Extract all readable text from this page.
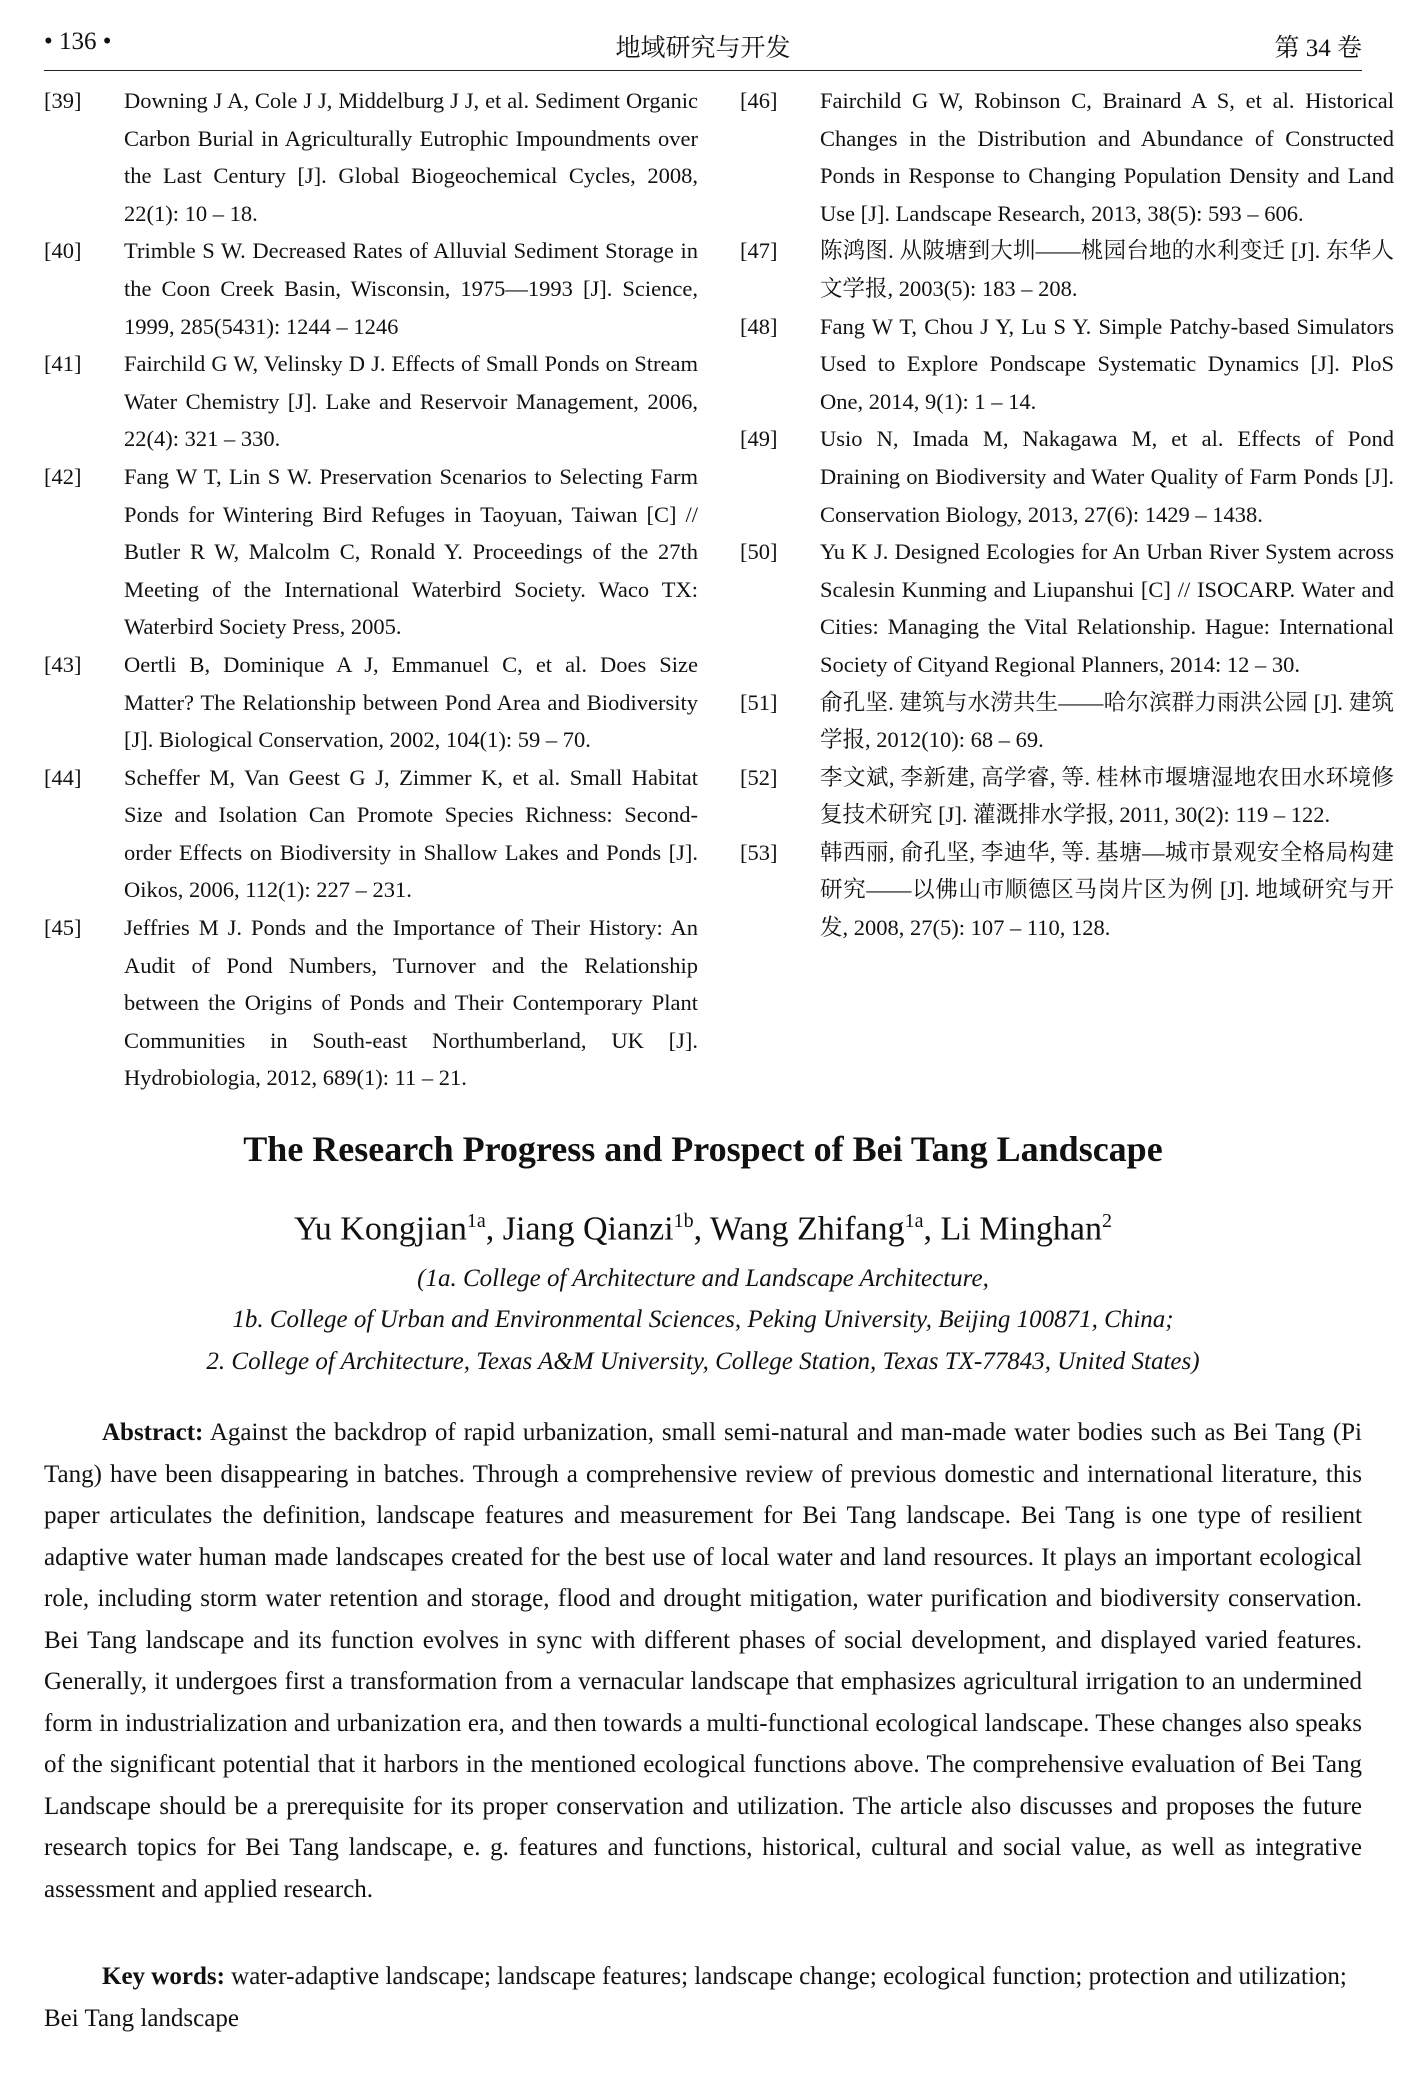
• 136 •	地域研究与开发	第 34 卷
[39] Downing J A, Cole J J, Middelburg J J, et al. Sediment Organic Carbon Burial in Agriculturally Eutrophic Impoundments over the Last Century [J]. Global Biogeochemical Cycles, 2008, 22(1): 10 – 18.
[40] Trimble S W. Decreased Rates of Alluvial Sediment Storage in the Coon Creek Basin, Wisconsin, 1975—1993 [J]. Science, 1999, 285(5431): 1244 – 1246
[41] Fairchild G W, Velinsky D J. Effects of Small Ponds on Stream Water Chemistry [J]. Lake and Reservoir Management, 2006, 22(4): 321 – 330.
[42] Fang W T, Lin S W. Preservation Scenarios to Selecting Farm Ponds for Wintering Bird Refuges in Taoyuan, Taiwan [C] // Butler R W, Malcolm C, Ronald Y. Proceedings of the 27th Meeting of the International Waterbird Society. Waco TX: Waterbird Society Press, 2005.
[43] Oertli B, Dominique A J, Emmanuel C, et al. Does Size Matter? The Relationship between Pond Area and Biodiversity [J]. Biological Conservation, 2002, 104(1): 59 – 70.
[44] Scheffer M, Van Geest G J, Zimmer K, et al. Small Habitat Size and Isolation Can Promote Species Richness: Second-order Effects on Biodiversity in Shallow Lakes and Ponds [J]. Oikos, 2006, 112(1): 227 – 231.
[45] Jeffries M J. Ponds and the Importance of Their History: An Audit of Pond Numbers, Turnover and the Relationship between the Origins of Ponds and Their Contemporary Plant Communities in South-east Northumberland, UK [J]. Hydrobiologia, 2012, 689(1): 11 – 21.
[46] Fairchild G W, Robinson C, Brainard A S, et al. Historical Changes in the Distribution and Abundance of Constructed Ponds in Response to Changing Population Density and Land Use [J]. Landscape Research, 2013, 38(5): 593 – 606.
[47] 陈鸿图. 从陂塘到大圳——桃园台地的水利变迁 [J]. 东华人文学报, 2003(5): 183 – 208.
[48] Fang W T, Chou J Y, Lu S Y. Simple Patchy-based Simulators Used to Explore Pondscape Systematic Dynamics [J]. PloS One, 2014, 9(1): 1 – 14.
[49] Usio N, Imada M, Nakagawa M, et al. Effects of Pond Draining on Biodiversity and Water Quality of Farm Ponds [J]. Conservation Biology, 2013, 27(6): 1429 – 1438.
[50] Yu K J. Designed Ecologies for An Urban River System across Scalesin Kunming and Liupanshui [C] // ISOCARP. Water and Cities: Managing the Vital Relationship. Hague: International Society of Cityand Regional Planners, 2014: 12 – 30.
[51] 俞孔坚. 建筑与水涝共生——哈尔滨群力雨洪公园 [J]. 建筑学报, 2012(10): 68 – 69.
[52] 李文斌, 李新建, 高学睿, 等. 桂林市堰塘湿地农田水环境修复技术研究 [J]. 灌溉排水学报, 2011, 30(2): 119 – 122.
[53] 韩西丽, 俞孔坚, 李迪华, 等. 基塘—城市景观安全格局构建研究——以佛山市顺德区马岗片区为例 [J]. 地域研究与开发, 2008, 27(5): 107 – 110, 128.
The Research Progress and Prospect of Bei Tang Landscape
Yu Kongjian$^{1a}$, Jiang Qianzi$^{1b}$, Wang Zhifang$^{1a}$, Li Minghan$^2$
(1a. College of Architecture and Landscape Architecture,
1b. College of Urban and Environmental Sciences, Peking University, Beijing 100871, China;
2. College of Architecture, Texas A&M University, College Station, Texas TX-77843, United States)
Abstract: Against the backdrop of rapid urbanization, small semi-natural and man-made water bodies such as Bei Tang (Pi Tang) have been disappearing in batches. Through a comprehensive review of previous domestic and international literature, this paper articulates the definition, landscape features and measurement for Bei Tang landscape. Bei Tang is one type of resilient adaptive water human made landscapes created for the best use of local water and land resources. It plays an important ecological role, including storm water retention and storage, flood and drought mitigation, water purification and biodiversity conservation. Bei Tang landscape and its function evolves in sync with different phases of social development, and displayed varied features. Generally, it undergoes first a transformation from a vernacular landscape that emphasizes agricultural irrigation to an undermined form in industrialization and urbanization era, and then towards a multi-functional ecological landscape. These changes also speaks of the significant potential that it harbors in the mentioned ecological functions above. The comprehensive evaluation of Bei Tang Landscape should be a prerequisite for its proper conservation and utilization. The article also discusses and proposes the future research topics for Bei Tang landscape, e. g. features and functions, historical, cultural and social value, as well as integrative assessment and applied research.
Key words: water-adaptive landscape; landscape features; landscape change; ecological function; protection and utilization; Bei Tang landscape
